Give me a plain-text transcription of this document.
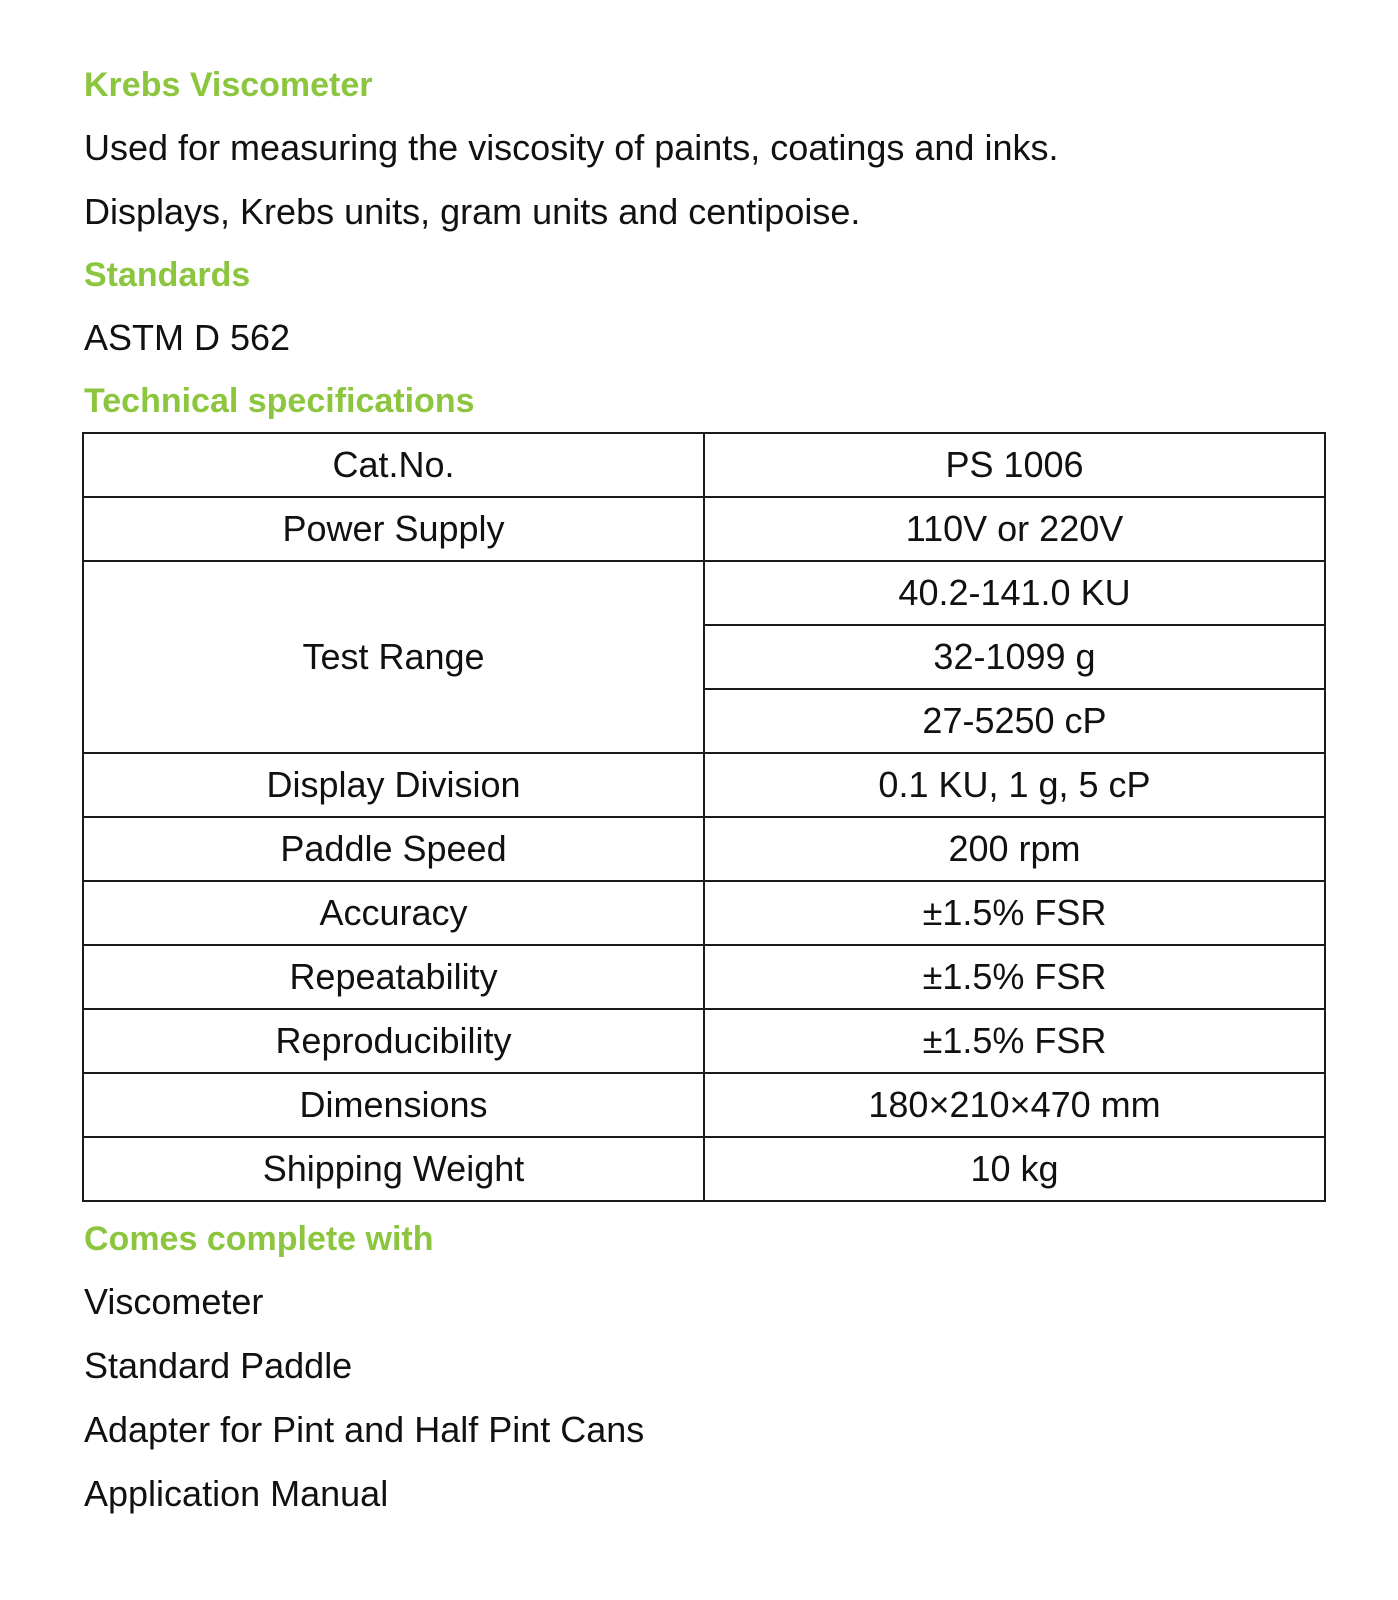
Krebs Viscometer
Used for measuring the viscosity of paints, coatings and inks.
Displays, Krebs units, gram units and centipoise.
Standards
ASTM D 562
Technical specifications
Cat.No.	PS 1006
Power Supply	110V or 220V
Test Range	40.2-141.0 KU
	32-1099 g
	27-5250 cP
Display Division	0.1 KU, 1 g, 5 cP
Paddle Speed	200 rpm
Accuracy	±1.5% FSR
Repeatability	±1.5% FSR
Reproducibility	±1.5% FSR
Dimensions	180×210×470 mm
Shipping Weight	10 kg
Comes complete with
Viscometer
Standard Paddle
Adapter for Pint and Half Pint Cans
Application Manual
